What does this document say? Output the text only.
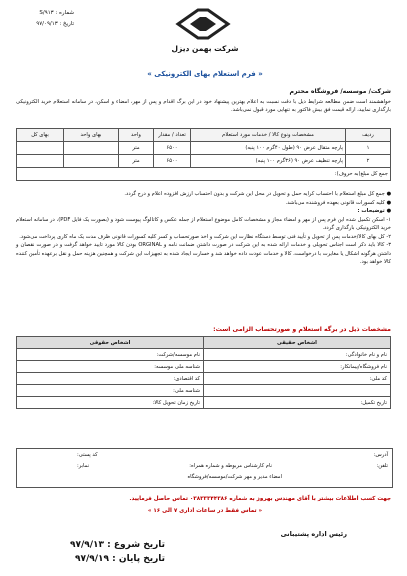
شماره : S/۹۱۳
تاریخ : ۹۷/۰۹/۱۳
شرکت بهمن دیزل
« فرم استعلام بهای الکترونیکی »
شرکت/ موسسه/ فروشگاه محترم
خواهشمند است ضمن مطالعه شرایط ذیل با دقت نسبت به اعلام بهترین پیشنهاد خود در این برگ اقدام و پس از مهر، امضاء و اسکن، در سامانه استعلام خرید الکترونیکی بارگذاری نمایید، ارائه قیمت فق بیش فاکتور به تنهایی مورد قبول نمی‌باشد.
ردیف	مشخصات ونوع کالا / خدمات مورد استعلام	تعداد / مقدار	واحد	بهای واحد	بهای کل
۱	پارچه متقال عرض ۹۰ (طول ۴۰گرم ۱۰۰ پنبه)	۶۵۰۰	متر		
۲	پارچه تنظیف عرض ۹۰ (۳۶گرم ۱۰۰ پنبه)	۶۵۰۰	متر		
جمع کل مبلغ(به حروف):					
● جمع کل مبلغ استعلام با احتساب کرایه حمل و تحویل در محل این شرکت و بدون احتساب ارزش افزوده اعلام و درج گردد.
● کلیه کسورات قانونی بعهده فروشنده می‌باشد.
● توضیحات :
۱- اسکن تکمیل شده این فرم پس از مهر و امضاء مجاز و مشخصات کامل موضوع استعلام از جمله عکس و کاتالوگ پیوست شود و (بصورت یک فایل PDF)، در سامانه استعلام خرید الکترونیکی بارگذاری گردد.
۲- کل بهای کالا/خدمات پس از تحویل و تأیید فنی توسط دستگاه نظارت این شرکت و اخذ صورتحساب و کسر کلیه کسورات قانونی ظرف مدت یک ماه کاری پرداخت می‌شود.
۳- کالا باید ذکر است اجناس تحویلی و خدمات ارائه شده به این شرکت در صورت داشتن ضمانت نامه و ORGINAL بودن کالا مورد تایید خواهد گرفت و در صورت نقصان و داشتن هرگونه اشکال یا مغایرت با درخواست، کالا و خدمات عودت داده خواهد شد و خسارت ایجاد شده به تجهیزات این شرکت و همچنین هزینه حمل و نقل برعهده تأمین کننده کالا خواهد بود.
مشخصات ذیل در برگه استعلام و صورتحساب الزامی است:
اشخاص حقیقی	اشخاص حقوقی
نام و نام خانوادگی:	نام موسسه/شرکت:
نام فروشگاه/پیمانکار:	شناسه ملی موسسه:
کد ملی:	کد اقتصادی:
	شناسه ملی:
تاریخ تکمیل:	تاریخ زمان تحویل کالا:
آدرس:
کد پستی:
تلفن:
نام کارشناس مربوطه و شماره همراه:
نمابر:
امضاء مدیر و مهر شرکت/موسسه/فروشگاه
جهت کسب اطلاعات بیشتر با آقای مهندس بهروز به شماره ۰۳۸۳۳۳۴۴۳۸۶ تماس حاصل فرمایید.
« تماس فقط در ساعات اداری ۷ الی ۱۶ »
رئیس اداره پشتیبانی
تاریخ شروع : ۹۷/۹/۱۳
تاریخ پایان : ۹۷/۹/۱۹
